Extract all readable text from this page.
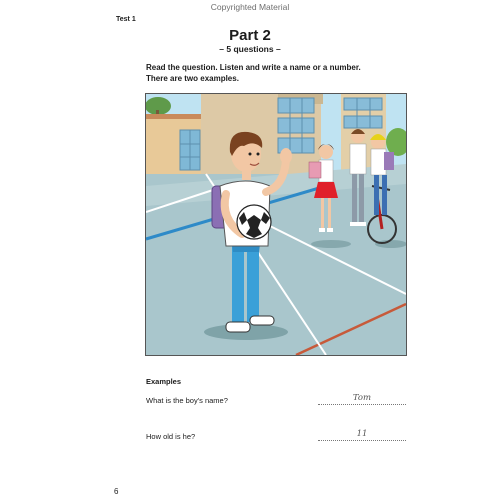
Copyrighted Material
Test 1
Part 2
– 5 questions –
Read the question. Listen and write a name or a number.
There are two examples.
Examples
What is the boy's name?	Tom
How old is he?	11
6
